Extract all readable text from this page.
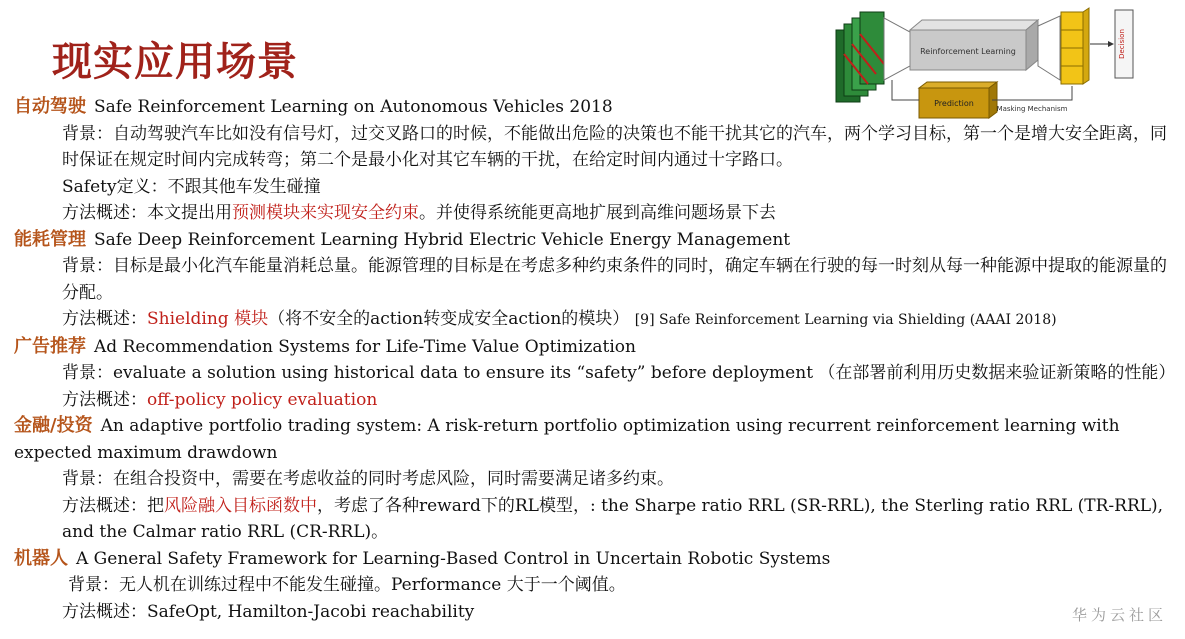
现实应用场景	Reinforcement Learning	Decision
Prediction
Masking Mechanism
自动驾驶 Safe Reinforcement Learning on Autonomous Vehicles 2018
背景：自动驾驶汽车比如没有信号灯，过交叉路口的时候，不能做出危险的决策也不能干扰其它的汽车，两个学习目标，第一个是增大安全距离，同时保证在规定时间内完成转弯；第二个是最小化对其它车辆的干扰，在给定时间内通过十字路口。
Safety定义：不跟其他车发生碰撞
方法概述：本文提出用预测模块来实现安全约束。并使得系统能更高地扩展到高维问题场景下去
能耗管理 Safe Deep Reinforcement Learning Hybrid Electric Vehicle Energy Management
背景：目标是最小化汽车能量消耗总量。能源管理的目标是在考虑多种约束条件的同时，确定车辆在行驶的每一时刻从每一种能源中提取的能源量的分配。
方法概述：Shielding 模块（将不安全的action转变成安全action的模块） [9] Safe Reinforcement Learning via Shielding (AAAI 2018)
广告推荐 Ad Recommendation Systems for Life-Time Value Optimization
背景：evaluate a solution using historical data to ensure its “safety” before deployment （在部署前利用历史数据来验证新策略的性能）
方法概述：off-policy policy evaluation
金融/投资 An adaptive portfolio trading system: A risk-return portfolio optimization using recurrent reinforcement learning with expected maximum drawdown
背景：在组合投资中，需要在考虑收益的同时考虑风险，同时需要满足诸多约束。
方法概述：把风险融入目标函数中，考虑了各种reward下的RL模型，: the Sharpe ratio RRL (SR-RRL), the Sterling ratio RRL (TR-RRL), and the Calmar ratio RRL (CR-RRL)。
机器人 A General Safety Framework for Learning-Based Control in Uncertain Robotic Systems
背景：无人机在训练过程中不能发生碰撞。Performance 大于一个阈值。
方法概述：SafeOpt, Hamilton-Jacobi reachability	华为云社区
